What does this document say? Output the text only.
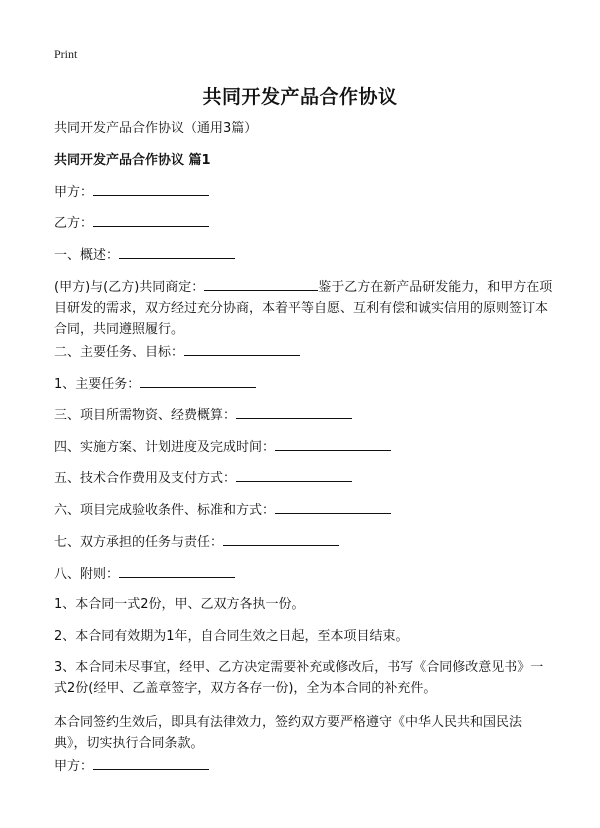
Print
共同开发产品合作协议
共同开发产品合作协议（通用3篇）
共同开发产品合作协议 篇1
甲方：
乙方：
一、概述：
(甲方)与(乙方)共同商定：	鉴于乙方在新产品研发能力，和甲方在项目研发的需求，双方经过充分协商，本着平等自愿、互利有偿和诚实信用的原则签订本合同，共同遵照履行。
二、主要任务、目标：
1、主要任务：
三、项目所需物资、经费概算：
四、实施方案、计划进度及完成时间：
五、技术合作费用及支付方式：
六、项目完成验收条件、标准和方式：
七、双方承担的任务与责任：
八、附则：
1、本合同一式2份，甲、乙双方各执一份。
2、本合同有效期为1年，自合同生效之日起，至本项目结束。
3、本合同未尽事宜，经甲、乙方决定需要补充或修改后，书写《合同修改意见书》一式2份(经甲、乙盖章签字，双方各存一份)，全为本合同的补充件。
本合同签约生效后，即具有法律效力，签约双方要严格遵守《中华人民共和国民法典》，切实执行合同条款。
甲方：
